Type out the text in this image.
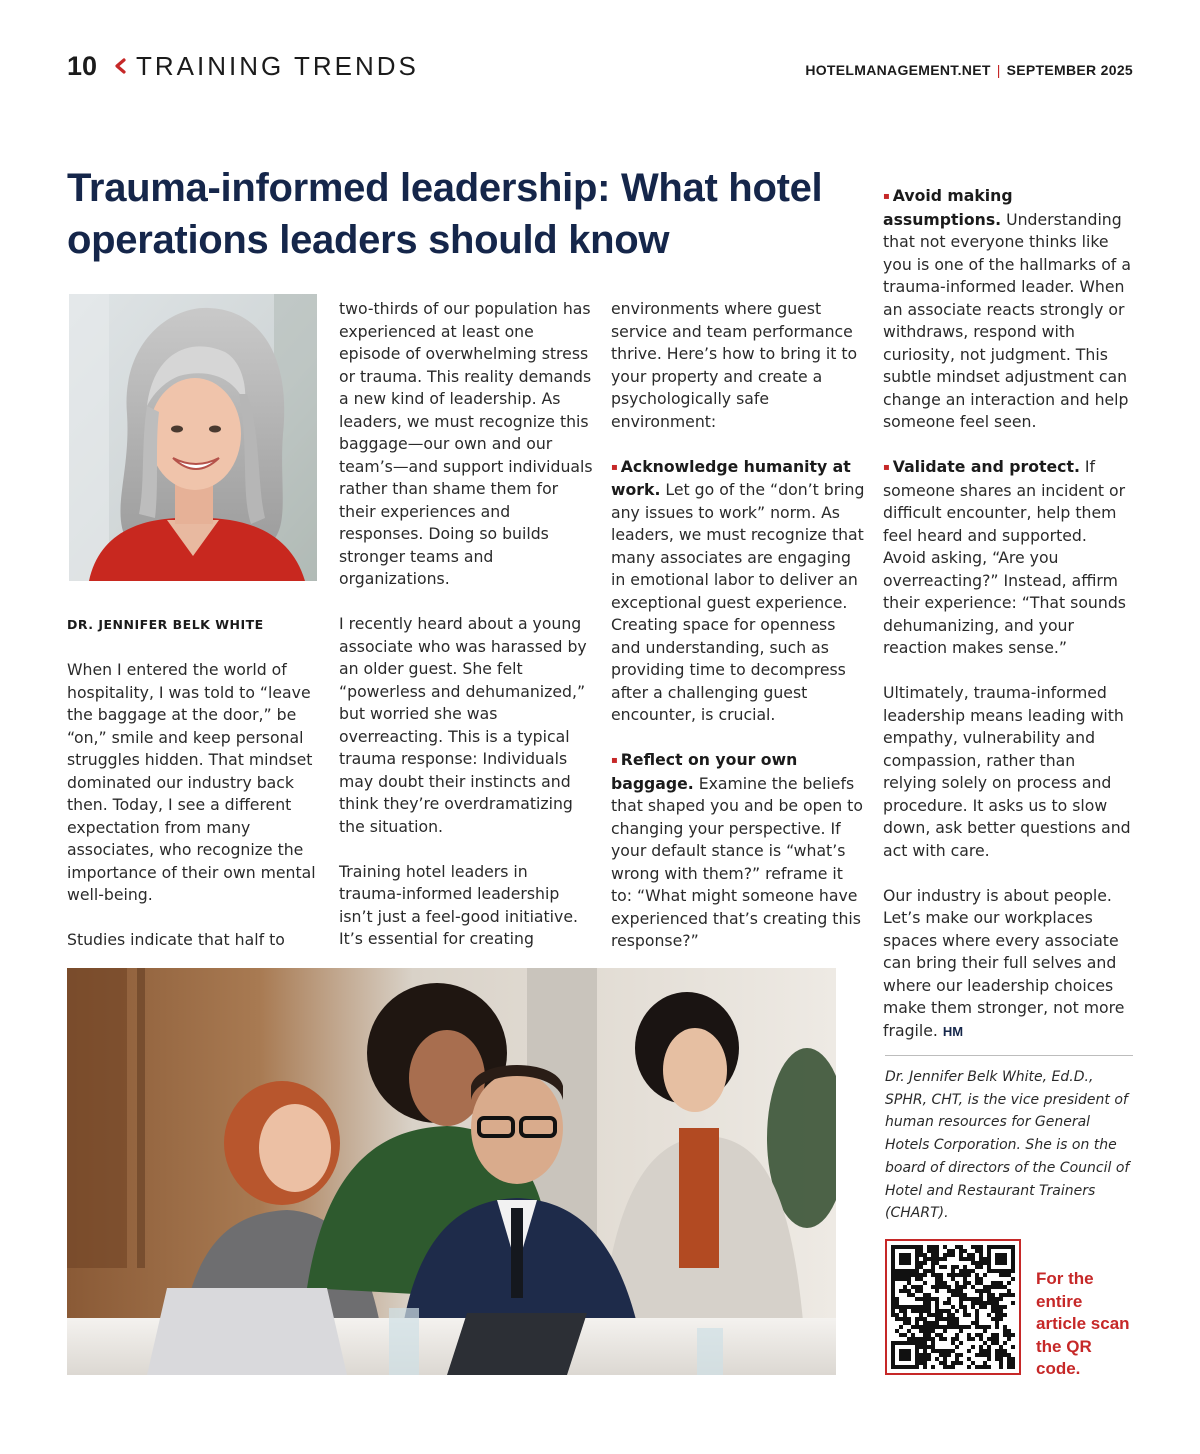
10 TRAINING TRENDS	HOTELMANAGEMENT.NET | SEPTEMBER 2025
Trauma-informed leadership: What hotel operations leaders should know
DR. JENNIFER BELK WHITE

When I entered the world of hospitality, I was told to “leave the baggage at the door,” be “on,” smile and keep personal struggles hidden. That mindset dominated our industry back then. Today, I see a different expectation from many associates, who recognize the importance of their own mental well-being.

Studies indicate that half to

two-thirds of our population has experienced at least one episode of overwhelming stress or trauma. This reality demands a new kind of leadership. As leaders, we must recognize this baggage—our own and our team’s—and support individuals rather than shame them for their experiences and responses. Doing so builds stronger teams and organizations.

I recently heard about a young associate who was harassed by an older guest. She felt “powerless and dehumanized,” but worried she was overreacting. This is a typical trauma response: Individuals may doubt their instincts and think they’re overdramatizing the situation.

Training hotel leaders in trauma-informed leadership isn’t just a feel-good initiative. It’s essential for creating

environments where guest service and team performance thrive. Here’s how to bring it to your property and create a psychologically safe environment:

▪ Acknowledge humanity at work. Let go of the “don’t bring any issues to work” norm. As leaders, we must recognize that many associates are engaging in emotional labor to deliver an exceptional guest experience. Creating space for openness and understanding, such as providing time to decompress after a challenging guest encounter, is crucial.

▪ Reflect on your own baggage. Examine the beliefs that shaped you and be open to changing your perspective. If your default stance is “what’s wrong with them?” reframe it to: “What might someone have experienced that’s creating this response?”

▪ Avoid making assumptions. Understanding that not everyone thinks like you is one of the hallmarks of a trauma-informed leader. When an associate reacts strongly or withdraws, respond with curiosity, not judgment. This subtle mindset adjustment can change an interaction and help someone feel seen.

▪ Validate and protect. If someone shares an incident or difficult encounter, help them feel heard and supported. Avoid asking, “Are you overreacting?” Instead, affirm their experience: “That sounds dehumanizing, and your reaction makes sense.”

Ultimately, trauma-informed leadership means leading with empathy, vulnerability and compassion, rather than relying solely on process and procedure. It asks us to slow down, ask better questions and act with care.

Our industry is about people. Let’s make our workplaces spaces where every associate can bring their full selves and where our leadership choices make them stronger, not more fragile. HM

Dr. Jennifer Belk White, Ed.D., SPHR, CHT, is the vice president of human resources for General Hotels Corporation. She is on the board of directors of the Council of Hotel and Restaurant Trainers (CHART).
For the entire article scan the QR code.
